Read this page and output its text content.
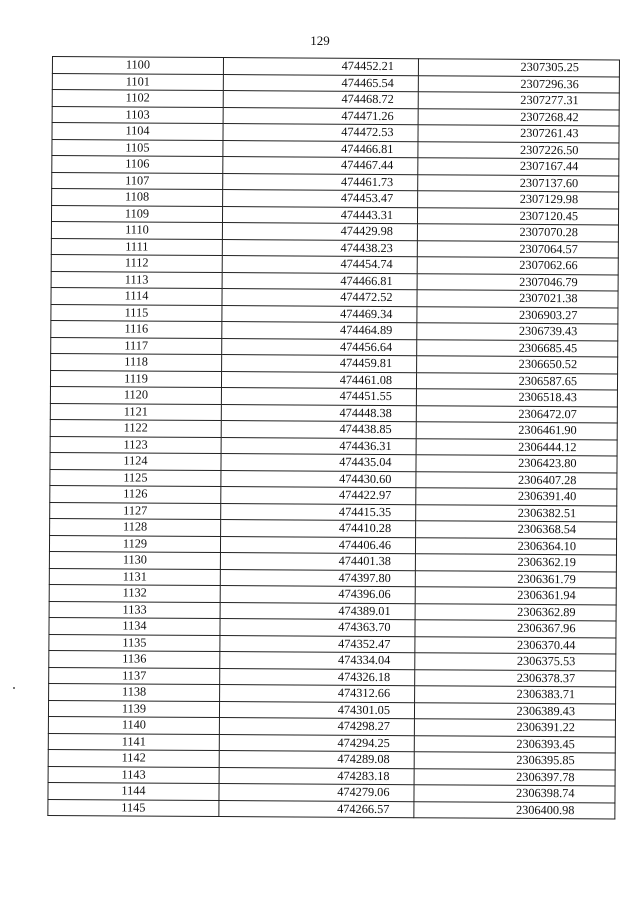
129
1100	474452.21	2307305.25
1101	474465.54	2307296.36
1102	474468.72	2307277.31
1103	474471.26	2307268.42
1104	474472.53	2307261.43
1105	474466.81	2307226.50
1106	474467.44	2307167.44
1107	474461.73	2307137.60
1108	474453.47	2307129.98
1109	474443.31	2307120.45
1110	474429.98	2307070.28
1111	474438.23	2307064.57
1112	474454.74	2307062.66
1113	474466.81	2307046.79
1114	474472.52	2307021.38
1115	474469.34	2306903.27
1116	474464.89	2306739.43
1117	474456.64	2306685.45
1118	474459.81	2306650.52
1119	474461.08	2306587.65
1120	474451.55	2306518.43
1121	474448.38	2306472.07
1122	474438.85	2306461.90
1123	474436.31	2306444.12
1124	474435.04	2306423.80
1125	474430.60	2306407.28
1126	474422.97	2306391.40
1127	474415.35	2306382.51
1128	474410.28	2306368.54
1129	474406.46	2306364.10
1130	474401.38	2306362.19
1131	474397.80	2306361.79
1132	474396.06	2306361.94
1133	474389.01	2306362.89
1134	474363.70	2306367.96
1135	474352.47	2306370.44
1136	474334.04	2306375.53
1137	474326.18	2306378.37
1138	474312.66	2306383.71
1139	474301.05	2306389.43
1140	474298.27	2306391.22
1141	474294.25	2306393.45
1142	474289.08	2306395.85
1143	474283.18	2306397.78
1144	474279.06	2306398.74
1145	474266.57	2306400.98
